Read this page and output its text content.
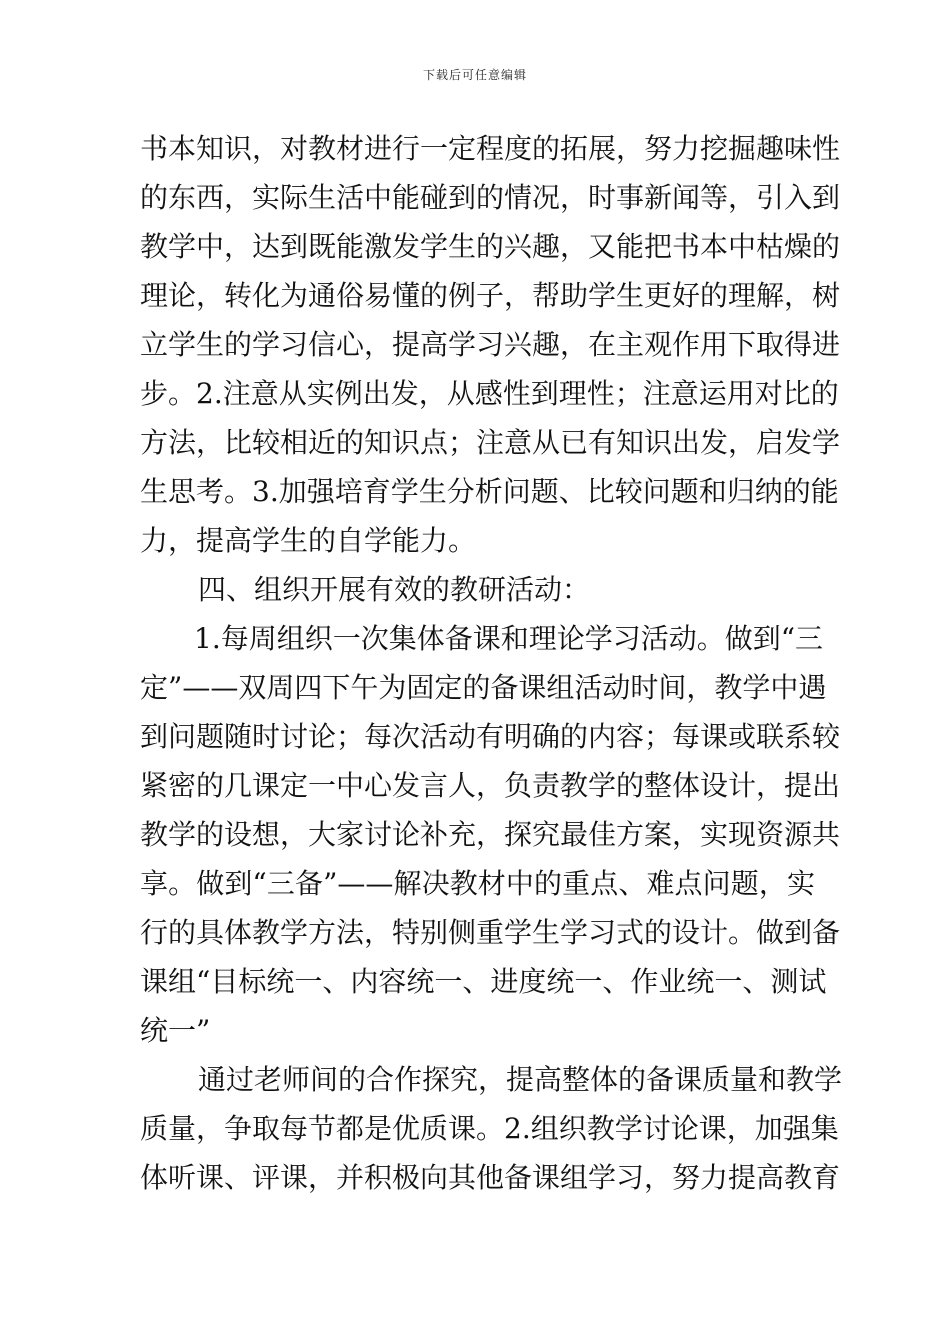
下载后可任意编辑
书本知识，对教材进行一定程度的拓展，努力挖掘趣味性
的东西，实际生活中能碰到的情况，时事新闻等，引入到
教学中，达到既能激发学生的兴趣，又能把书本中枯燥的
理论，转化为通俗易懂的例子，帮助学生更好的理解，树
立学生的学习信心，提高学习兴趣，在主观作用下取得进
步。2.注意从实例出发，从感性到理性；注意运用对比的
方法，比较相近的知识点；注意从已有知识出发，启发学
生思考。3.加强培育学生分析问题、比较问题和归纳的能
力，提高学生的自学能力。
四、组织开展有效的教研活动：
1.每周组织一次集体备课和理论学习活动。做到“三
定”——双周四下午为固定的备课组活动时间，教学中遇
到问题随时讨论；每次活动有明确的内容；每课或联系较
紧密的几课定一中心发言人，负责教学的整体设计，提出
教学的设想，大家讨论补充，探究最佳方案，实现资源共
享。做到“三备”——解决教材中的重点、难点问题，实
行的具体教学方法，特别侧重学生学习式的设计。做到备
课组“目标统一、内容统一、进度统一、作业统一、测试
统一”
通过老师间的合作探究，提高整体的备课质量和教学
质量，争取每节都是优质课。2.组织教学讨论课，加强集
体听课、评课，并积极向其他备课组学习，努力提高教育
